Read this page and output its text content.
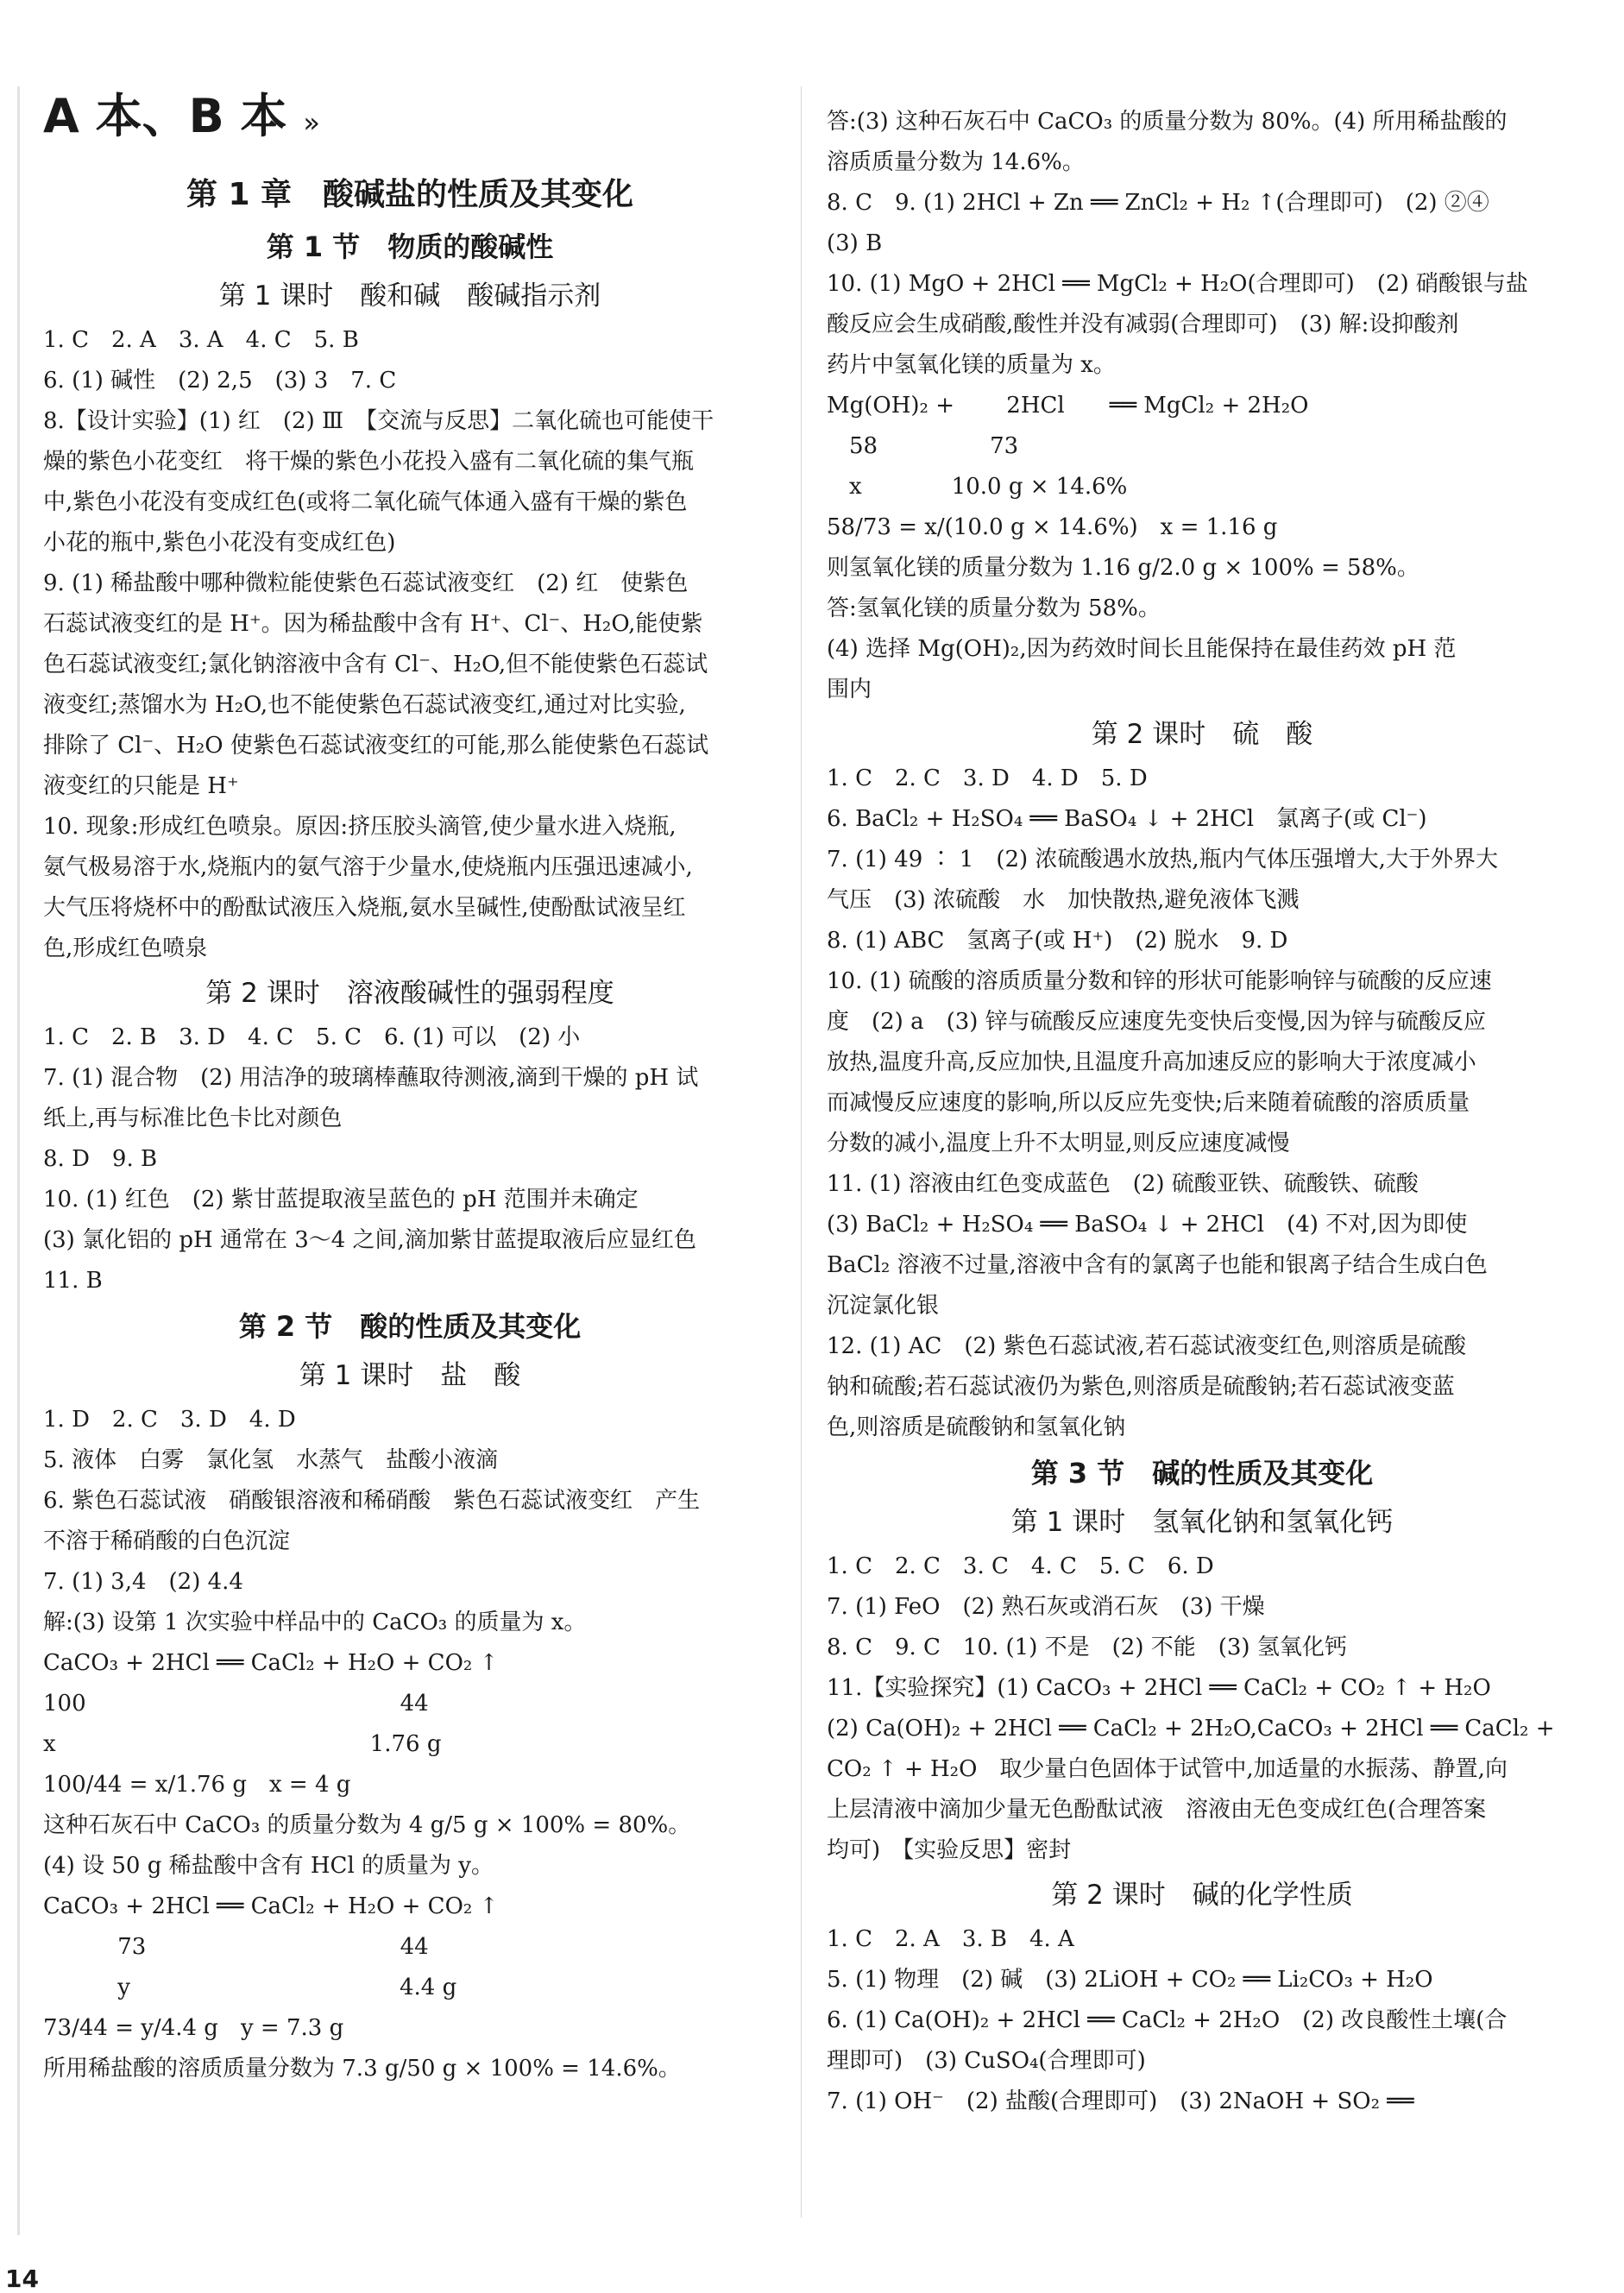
A 本、B 本 »
第 1 章　酸碱盐的性质及其变化
第 1 节　物质的酸碱性
第 1 课时　酸和碱　酸碱指示剂
1. C　2. A　3. A　4. C　5. B
6. (1) 碱性　(2) 2,5　(3) 3　7. C
8.【设计实验】(1) 红　(2) Ⅲ　【交流与反思】二氧化硫也可能使干
燥的紫色小花变红　将干燥的紫色小花投入盛有二氧化硫的集气瓶
中,紫色小花没有变成红色(或将二氧化硫气体通入盛有干燥的紫色
小花的瓶中,紫色小花没有变成红色)
9. (1) 稀盐酸中哪种微粒能使紫色石蕊试液变红　(2) 红　使紫色
石蕊试液变红的是 H⁺。因为稀盐酸中含有 H⁺、Cl⁻、H₂O,能使紫
色石蕊试液变红;氯化钠溶液中含有 Cl⁻、H₂O,但不能使紫色石蕊试
液变红;蒸馏水为 H₂O,也不能使紫色石蕊试液变红,通过对比实验,
排除了 Cl⁻、H₂O 使紫色石蕊试液变红的可能,那么能使紫色石蕊试
液变红的只能是 H⁺
10. 现象:形成红色喷泉。原因:挤压胶头滴管,使少量水进入烧瓶,
氨气极易溶于水,烧瓶内的氨气溶于少量水,使烧瓶内压强迅速减小,
大气压将烧杯中的酚酞试液压入烧瓶,氨水呈碱性,使酚酞试液呈红
色,形成红色喷泉
第 2 课时　溶液酸碱性的强弱程度
1. C　2. B　3. D　4. C　5. C　6. (1) 可以　(2) 小
7. (1) 混合物　(2) 用洁净的玻璃棒蘸取待测液,滴到干燥的 pH 试
纸上,再与标准比色卡比对颜色
8. D　9. B
10. (1) 红色　(2) 紫甘蓝提取液呈蓝色的 pH 范围并未确定
(3) 氯化铝的 pH 通常在 3～4 之间,滴加紫甘蓝提取液后应显红色
11. B
第 2 节　酸的性质及其变化
第 1 课时　盐　酸
1. D　2. C　3. D　4. D
5. 液体　白雾　氯化氢　水蒸气　盐酸小液滴
6. 紫色石蕊试液　硝酸银溶液和稀硝酸　紫色石蕊试液变红　产生
不溶于稀硝酸的白色沉淀
7. (1) 3,4　(2) 4.4
解:(3) 设第 1 次实验中样品中的 CaCO₃ 的质量为 x。
CaCO₃ + 2HCl ══ CaCl₂ + H₂O + CO₂ ↑
100　　　　　　　　　　　　　　44
x　　　　　　　　　　　　　　1.76 g
100/44 = x/1.76 g　x = 4 g
这种石灰石中 CaCO₃ 的质量分数为 4 g/5 g × 100% = 80%。
(4) 设 50 g 稀盐酸中含有 HCl 的质量为 y。
CaCO₃ + 2HCl ══ CaCl₂ + H₂O + CO₂ ↑
　　　 73　　　　　　　　　　　 44
　　　 y　　　　　　　　　　　　4.4 g
73/44 = y/4.4 g　y = 7.3 g
所用稀盐酸的溶质质量分数为 7.3 g/50 g × 100% = 14.6%。
答:(3) 这种石灰石中 CaCO₃ 的质量分数为 80%。(4) 所用稀盐酸的
溶质质量分数为 14.6%。
8. C　9. (1) 2HCl + Zn ══ ZnCl₂ + H₂ ↑(合理即可)　(2) ②④
(3) B
10. (1) MgO + 2HCl ══ MgCl₂ + H₂O(合理即可)　(2) 硝酸银与盐
酸反应会生成硝酸,酸性并没有减弱(合理即可)　(3) 解:设抑酸剂
药片中氢氧化镁的质量为 x。
Mg(OH)₂ + 　　2HCl　　══ MgCl₂ + 2H₂O
　58　　　　　73
　x　　　　10.0 g × 14.6%
58/73 = x/(10.0 g × 14.6%)　x = 1.16 g
则氢氧化镁的质量分数为 1.16 g/2.0 g × 100% = 58%。
答:氢氧化镁的质量分数为 58%。
(4) 选择 Mg(OH)₂,因为药效时间长且能保持在最佳药效 pH 范
围内
第 2 课时　硫　酸
1. C　2. C　3. D　4. D　5. D
6. BaCl₂ + H₂SO₄ ══ BaSO₄ ↓ + 2HCl　氯离子(或 Cl⁻)
7. (1) 49 ∶ 1　(2) 浓硫酸遇水放热,瓶内气体压强增大,大于外界大
气压　(3) 浓硫酸　水　加快散热,避免液体飞溅
8. (1) ABC　氢离子(或 H⁺)　(2) 脱水　9. D
10. (1) 硫酸的溶质质量分数和锌的形状可能影响锌与硫酸的反应速
度　(2) a　(3) 锌与硫酸反应速度先变快后变慢,因为锌与硫酸反应
放热,温度升高,反应加快,且温度升高加速反应的影响大于浓度减小
而减慢反应速度的影响,所以反应先变快;后来随着硫酸的溶质质量
分数的减小,温度上升不太明显,则反应速度减慢
11. (1) 溶液由红色变成蓝色　(2) 硫酸亚铁、硫酸铁、硫酸
(3) BaCl₂ + H₂SO₄ ══ BaSO₄ ↓ + 2HCl　(4) 不对,因为即使
BaCl₂ 溶液不过量,溶液中含有的氯离子也能和银离子结合生成白色
沉淀氯化银
12. (1) AC　(2) 紫色石蕊试液,若石蕊试液变红色,则溶质是硫酸
钠和硫酸;若石蕊试液仍为紫色,则溶质是硫酸钠;若石蕊试液变蓝
色,则溶质是硫酸钠和氢氧化钠
第 3 节　碱的性质及其变化
第 1 课时　氢氧化钠和氢氧化钙
1. C　2. C　3. C　4. C　5. C　6. D
7. (1) FeO　(2) 熟石灰或消石灰　(3) 干燥
8. C　9. C　10. (1) 不是　(2) 不能　(3) 氢氧化钙
11.【实验探究】(1) CaCO₃ + 2HCl ══ CaCl₂ + CO₂ ↑ + H₂O
(2) Ca(OH)₂ + 2HCl ══ CaCl₂ + 2H₂O,CaCO₃ + 2HCl ══ CaCl₂ +
CO₂ ↑ + H₂O　取少量白色固体于试管中,加适量的水振荡、静置,向
上层清液中滴加少量无色酚酞试液　溶液由无色变成红色(合理答案
均可)　【实验反思】密封
第 2 课时　碱的化学性质
1. C　2. A　3. B　4. A
5. (1) 物理　(2) 碱　(3) 2LiOH + CO₂ ══ Li₂CO₃ + H₂O
6. (1) Ca(OH)₂ + 2HCl ══ CaCl₂ + 2H₂O　(2) 改良酸性土壤(合
理即可)　(3) CuSO₄(合理即可)
7. (1) OH⁻　(2) 盐酸(合理即可)　(3) 2NaOH + SO₂ ══
14
